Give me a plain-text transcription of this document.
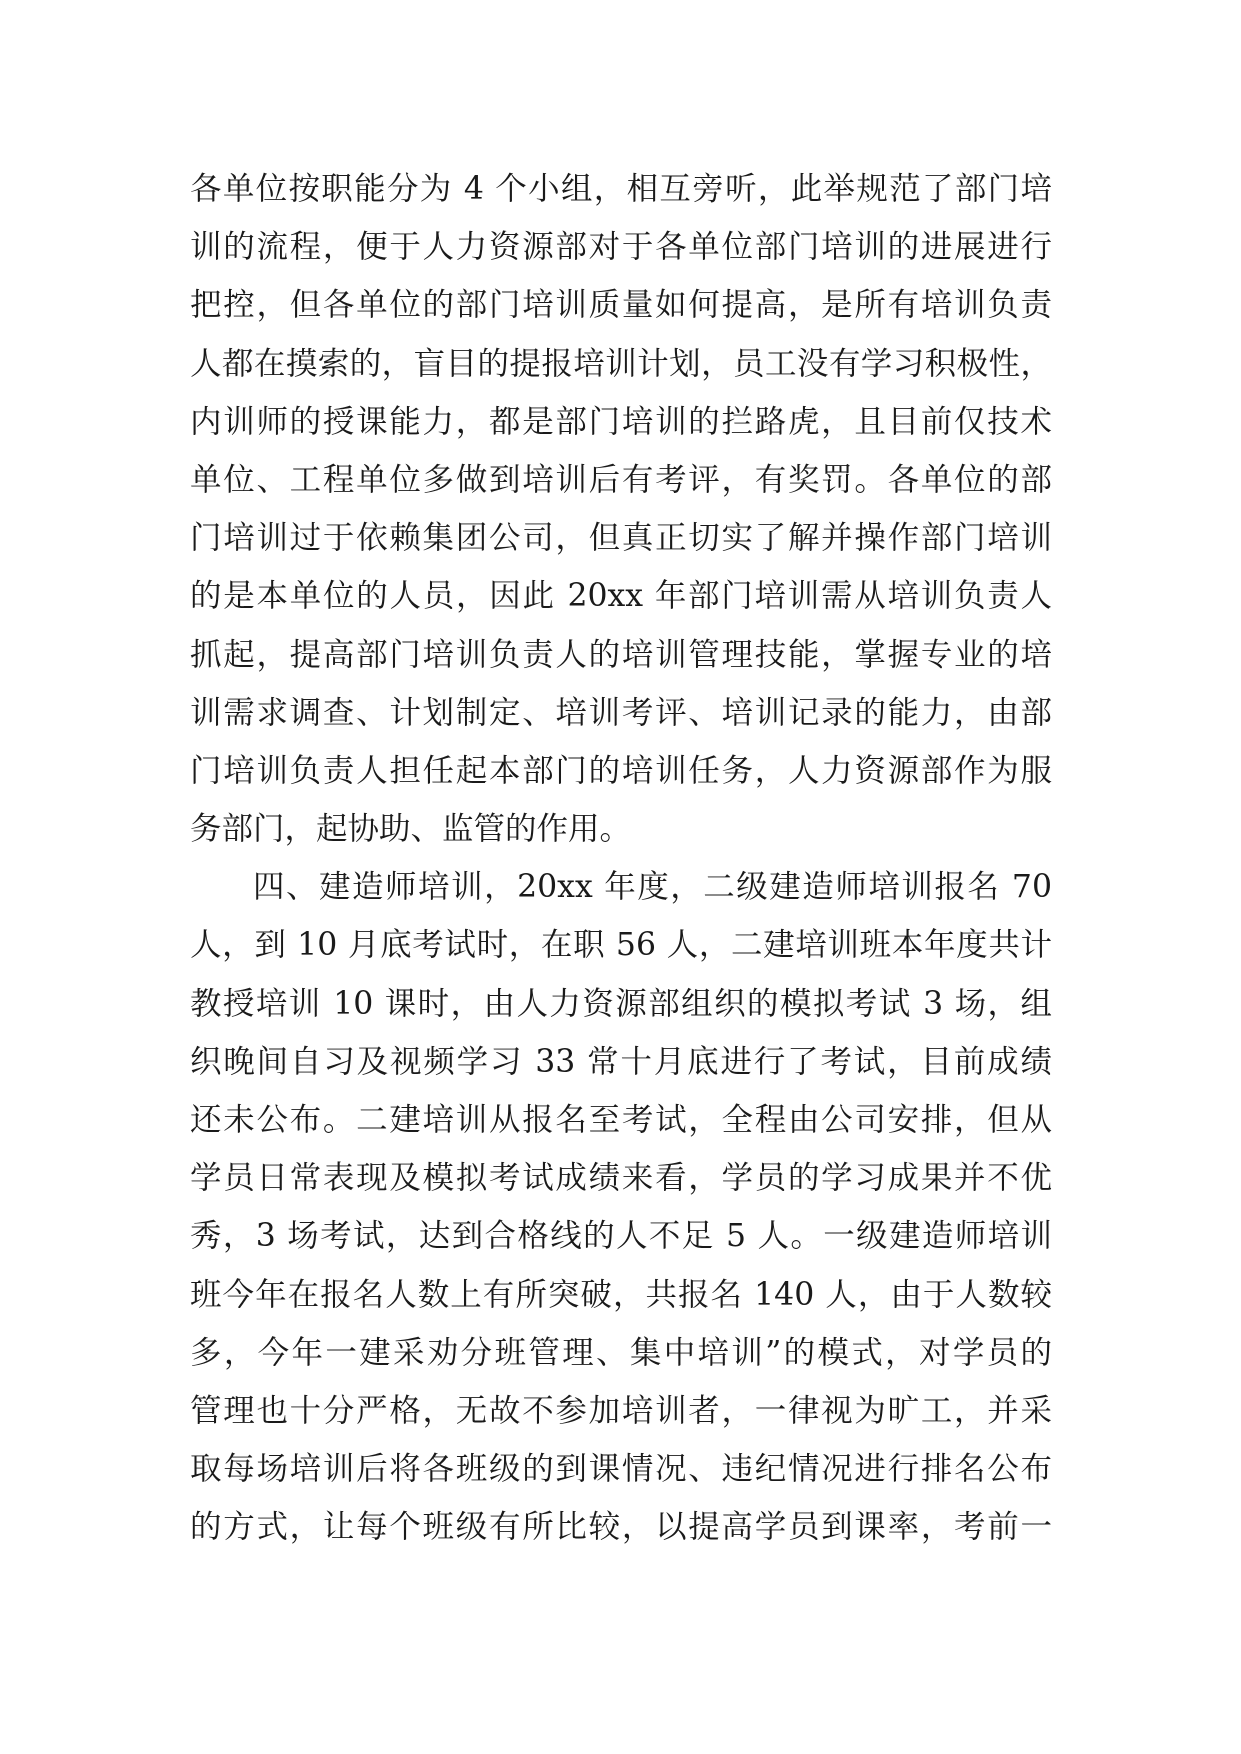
各单位按职能分为 4 个小组，相互旁听，此举规范了部门培
训的流程，便于人力资源部对于各单位部门培训的进展进行
把控，但各单位的部门培训质量如何提高，是所有培训负责
人都在摸索的，盲目的提报培训计划，员工没有学习积极性，
内训师的授课能力，都是部门培训的拦路虎，且目前仅技术
单位、工程单位多做到培训后有考评，有奖罚。各单位的部
门培训过于依赖集团公司，但真正切实了解并操作部门培训
的是本单位的人员，因此 20xx 年部门培训需从培训负责人
抓起，提高部门培训负责人的培训管理技能，掌握专业的培
训需求调查、计划制定、培训考评、培训记录的能力，由部
门培训负责人担任起本部门的培训任务，人力资源部作为服
务部门，起协助、监管的作用。
四、建造师培训，20xx 年度，二级建造师培训报名 70
人，到 10 月底考试时，在职 56 人，二建培训班本年度共计
教授培训 10 课时，由人力资源部组织的模拟考试 3 场，组
织晚间自习及视频学习 33 常十月底进行了考试，目前成绩
还未公布。二建培训从报名至考试，全程由公司安排，但从
学员日常表现及模拟考试成绩来看，学员的学习成果并不优
秀，3 场考试，达到合格线的人不足 5 人。一级建造师培训
班今年在报名人数上有所突破，共报名 140 人，由于人数较
多，今年一建采劝分班管理、集中培训”的模式，对学员的
管理也十分严格，无故不参加培训者，一律视为旷工，并采
取每场培训后将各班级的到课情况、违纪情况进行排名公布
的方式，让每个班级有所比较，以提高学员到课率，考前一
